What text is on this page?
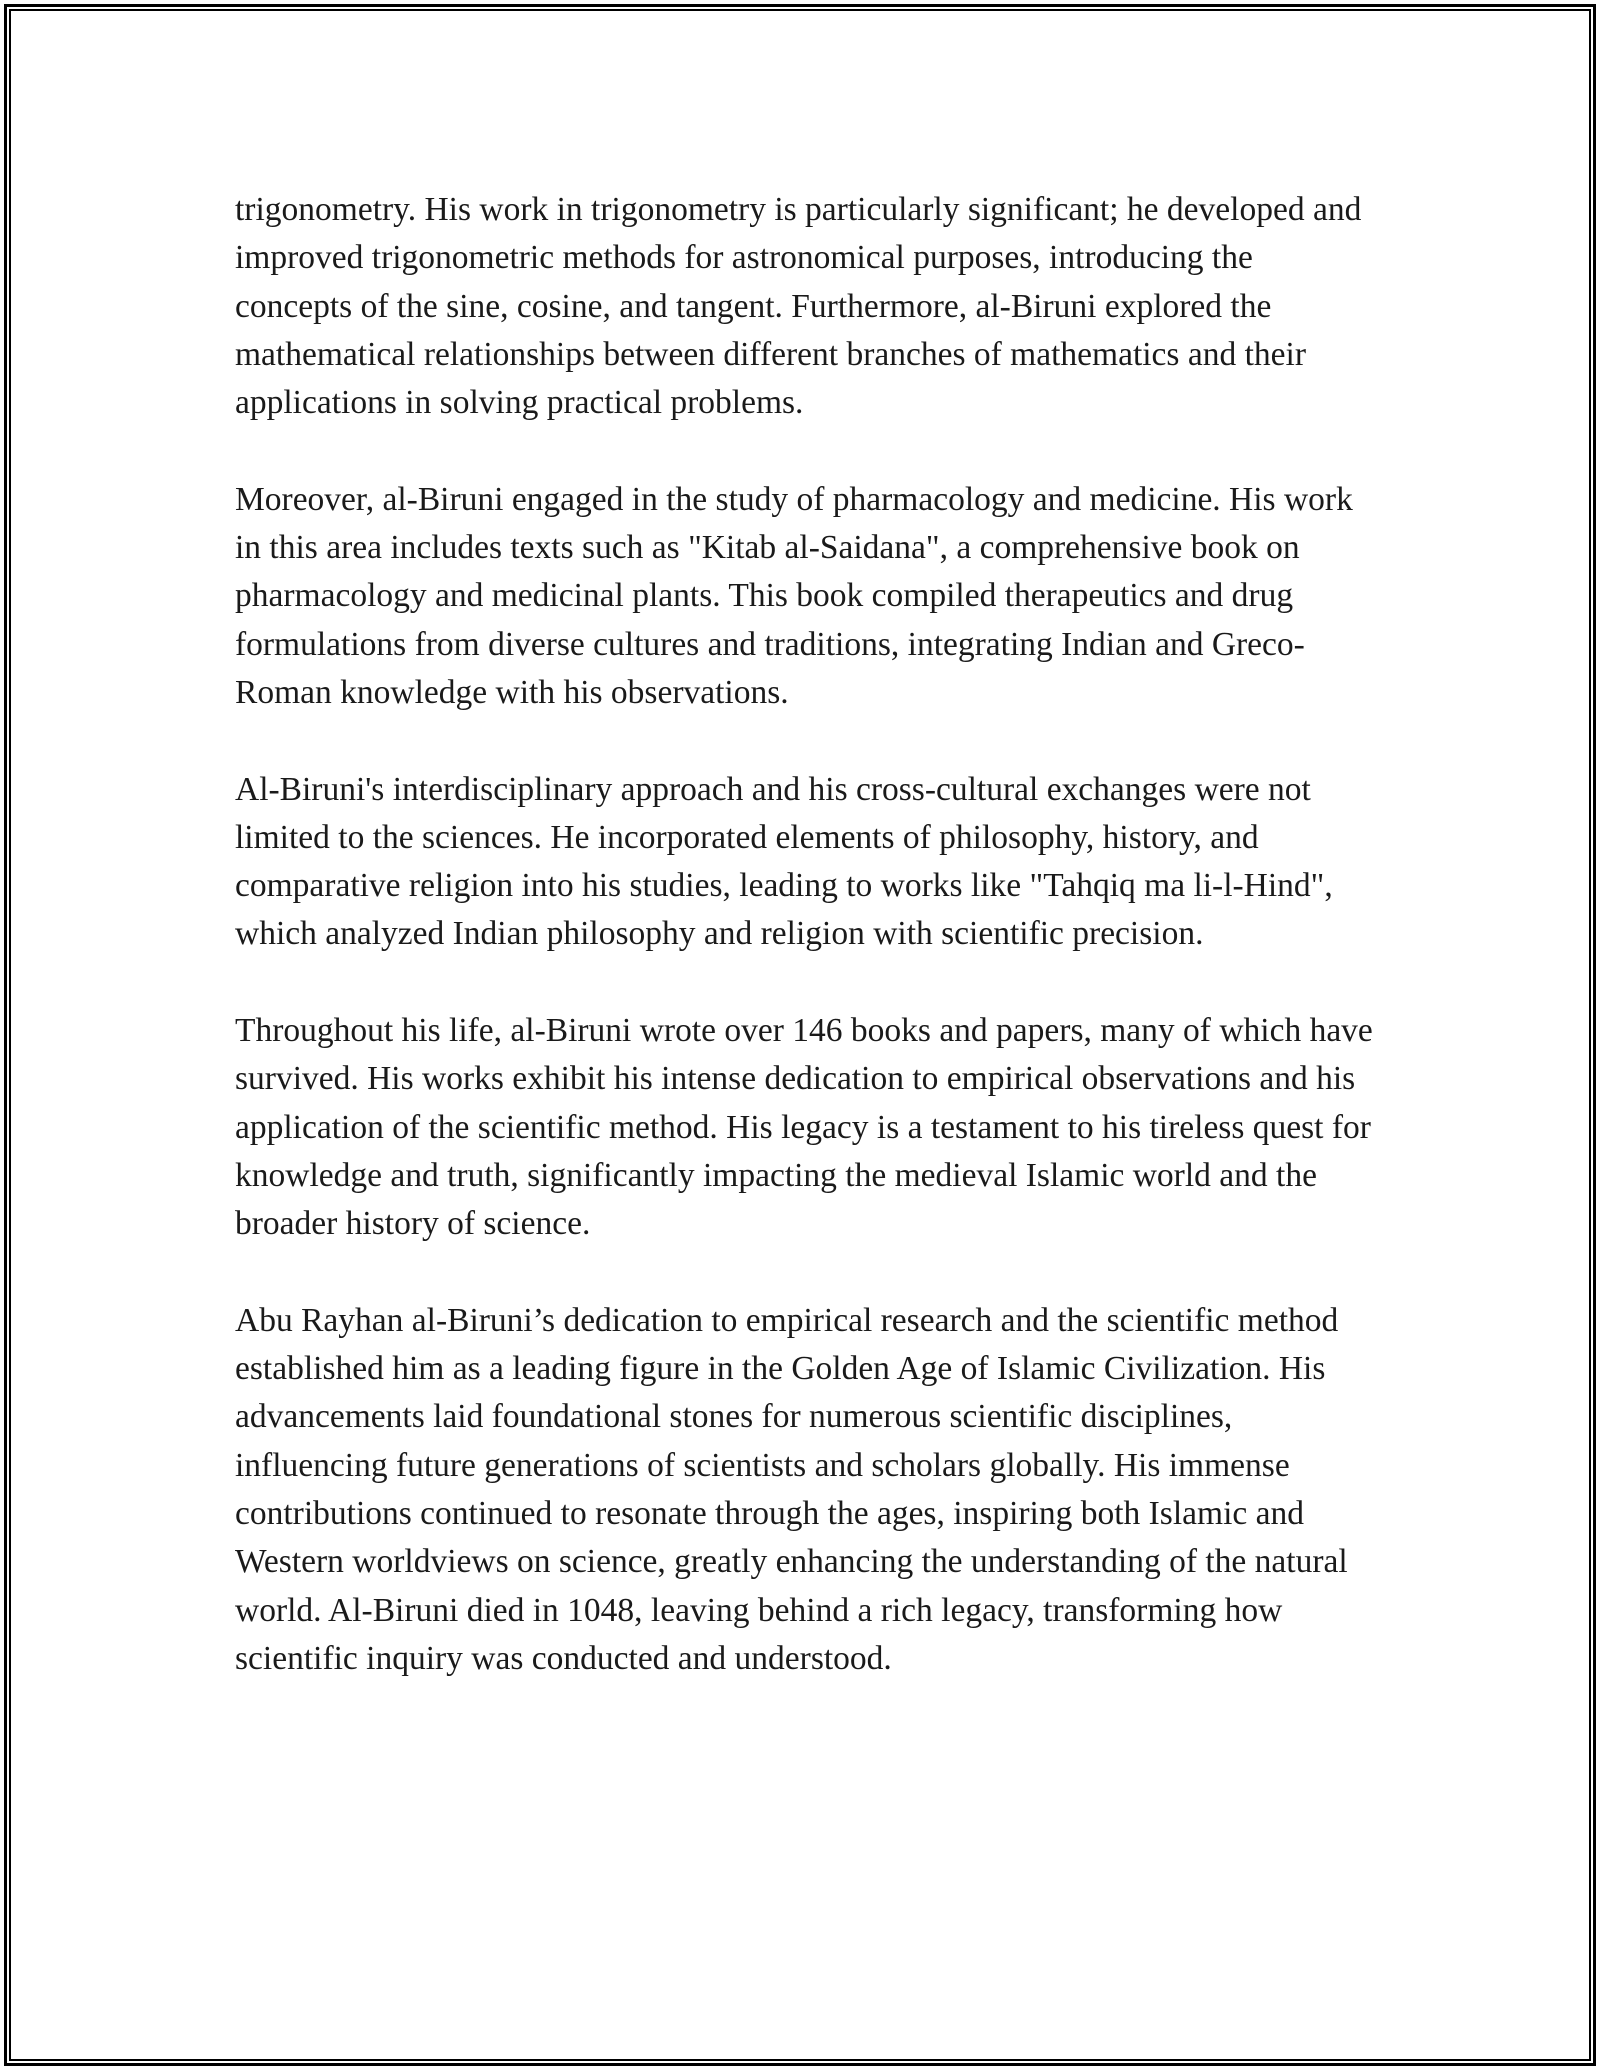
trigonometry. His work in trigonometry is particularly significant; he developed and improved trigonometric methods for astronomical purposes, introducing the concepts of the sine, cosine, and tangent. Furthermore, al-Biruni explored the mathematical relationships between different branches of mathematics and their applications in solving practical problems.

Moreover, al-Biruni engaged in the study of pharmacology and medicine. His work in this area includes texts such as "Kitab al-Saidana", a comprehensive book on pharmacology and medicinal plants. This book compiled therapeutics and drug formulations from diverse cultures and traditions, integrating Indian and Greco-Roman knowledge with his observations.

Al-Biruni's interdisciplinary approach and his cross-cultural exchanges were not limited to the sciences. He incorporated elements of philosophy, history, and comparative religion into his studies, leading to works like "Tahqiq ma li-l-Hind", which analyzed Indian philosophy and religion with scientific precision.

Throughout his life, al-Biruni wrote over 146 books and papers, many of which have survived. His works exhibit his intense dedication to empirical observations and his application of the scientific method. His legacy is a testament to his tireless quest for knowledge and truth, significantly impacting the medieval Islamic world and the broader history of science.

Abu Rayhan al-Biruni’s dedication to empirical research and the scientific method established him as a leading figure in the Golden Age of Islamic Civilization. His advancements laid foundational stones for numerous scientific disciplines, influencing future generations of scientists and scholars globally. His immense contributions continued to resonate through the ages, inspiring both Islamic and Western worldviews on science, greatly enhancing the understanding of the natural world. Al-Biruni died in 1048, leaving behind a rich legacy, transforming how scientific inquiry was conducted and understood.
